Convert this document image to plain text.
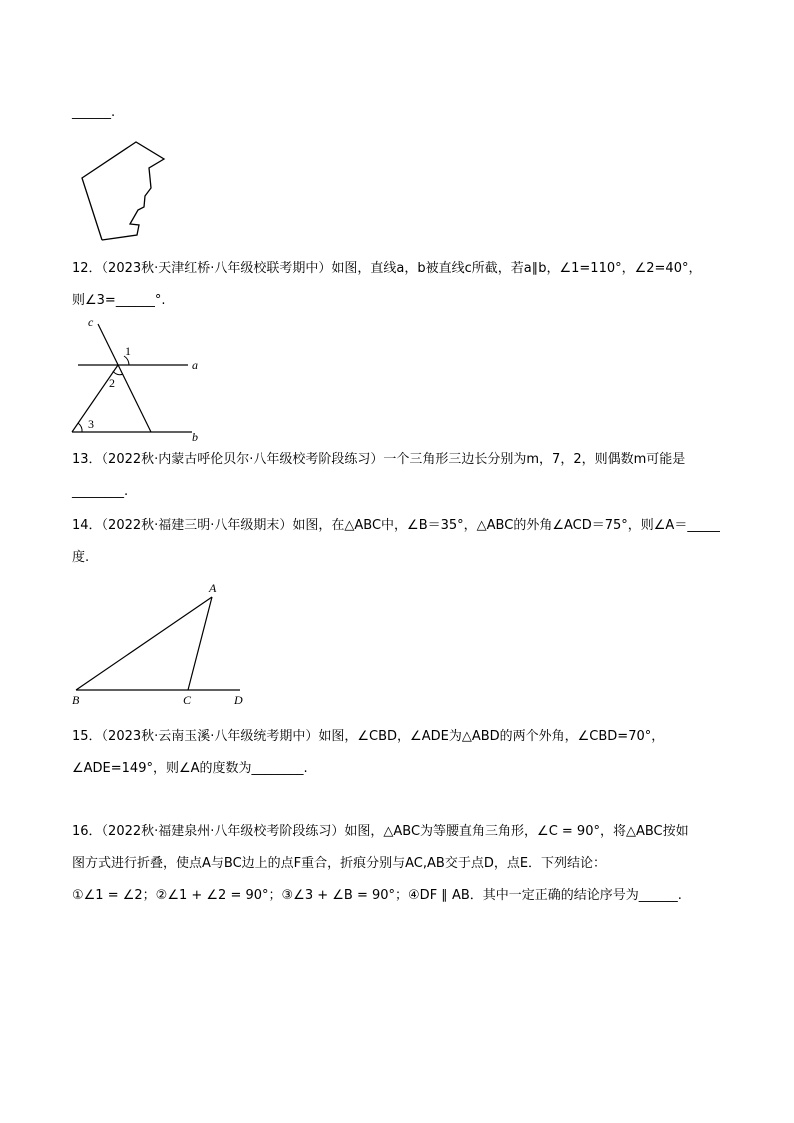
______.
12．（2023秋·天津红桥·八年级校联考期中）如图，直线a，b被直线c所截，若a∥b，∠1=110°，∠2=40°，
则∠3=______°.
c
a
b
1
2
3
13．（2022秋·内蒙古呼伦贝尔·八年级校考阶段练习）一个三角形三边长分别为m，7，2，则偶数m可能是
________.
14．（2022秋·福建三明·八年级期末）如图，在△ABC中，∠B＝35°，△ABC的外角∠ACD＝75°，则∠A＝_____
度.
A
B	C	D
15．（2023秋·云南玉溪·八年级统考期中）如图，∠CBD，∠ADE为△ABD的两个外角，∠CBD=70°，
∠ADE=149°，则∠A的度数为________.
16．（2022秋·福建泉州·八年级校考阶段练习）如图，△ABC为等腰直角三角形，∠C = 90°，将△ABC按如
图方式进行折叠，使点A与BC边上的点F重合，折痕分别与AC,AB交于点D，点E．下列结论：
①∠1 = ∠2；②∠1 + ∠2 = 90°；③∠3 + ∠B = 90°；④DF ∥ AB．其中一定正确的结论序号为______.
